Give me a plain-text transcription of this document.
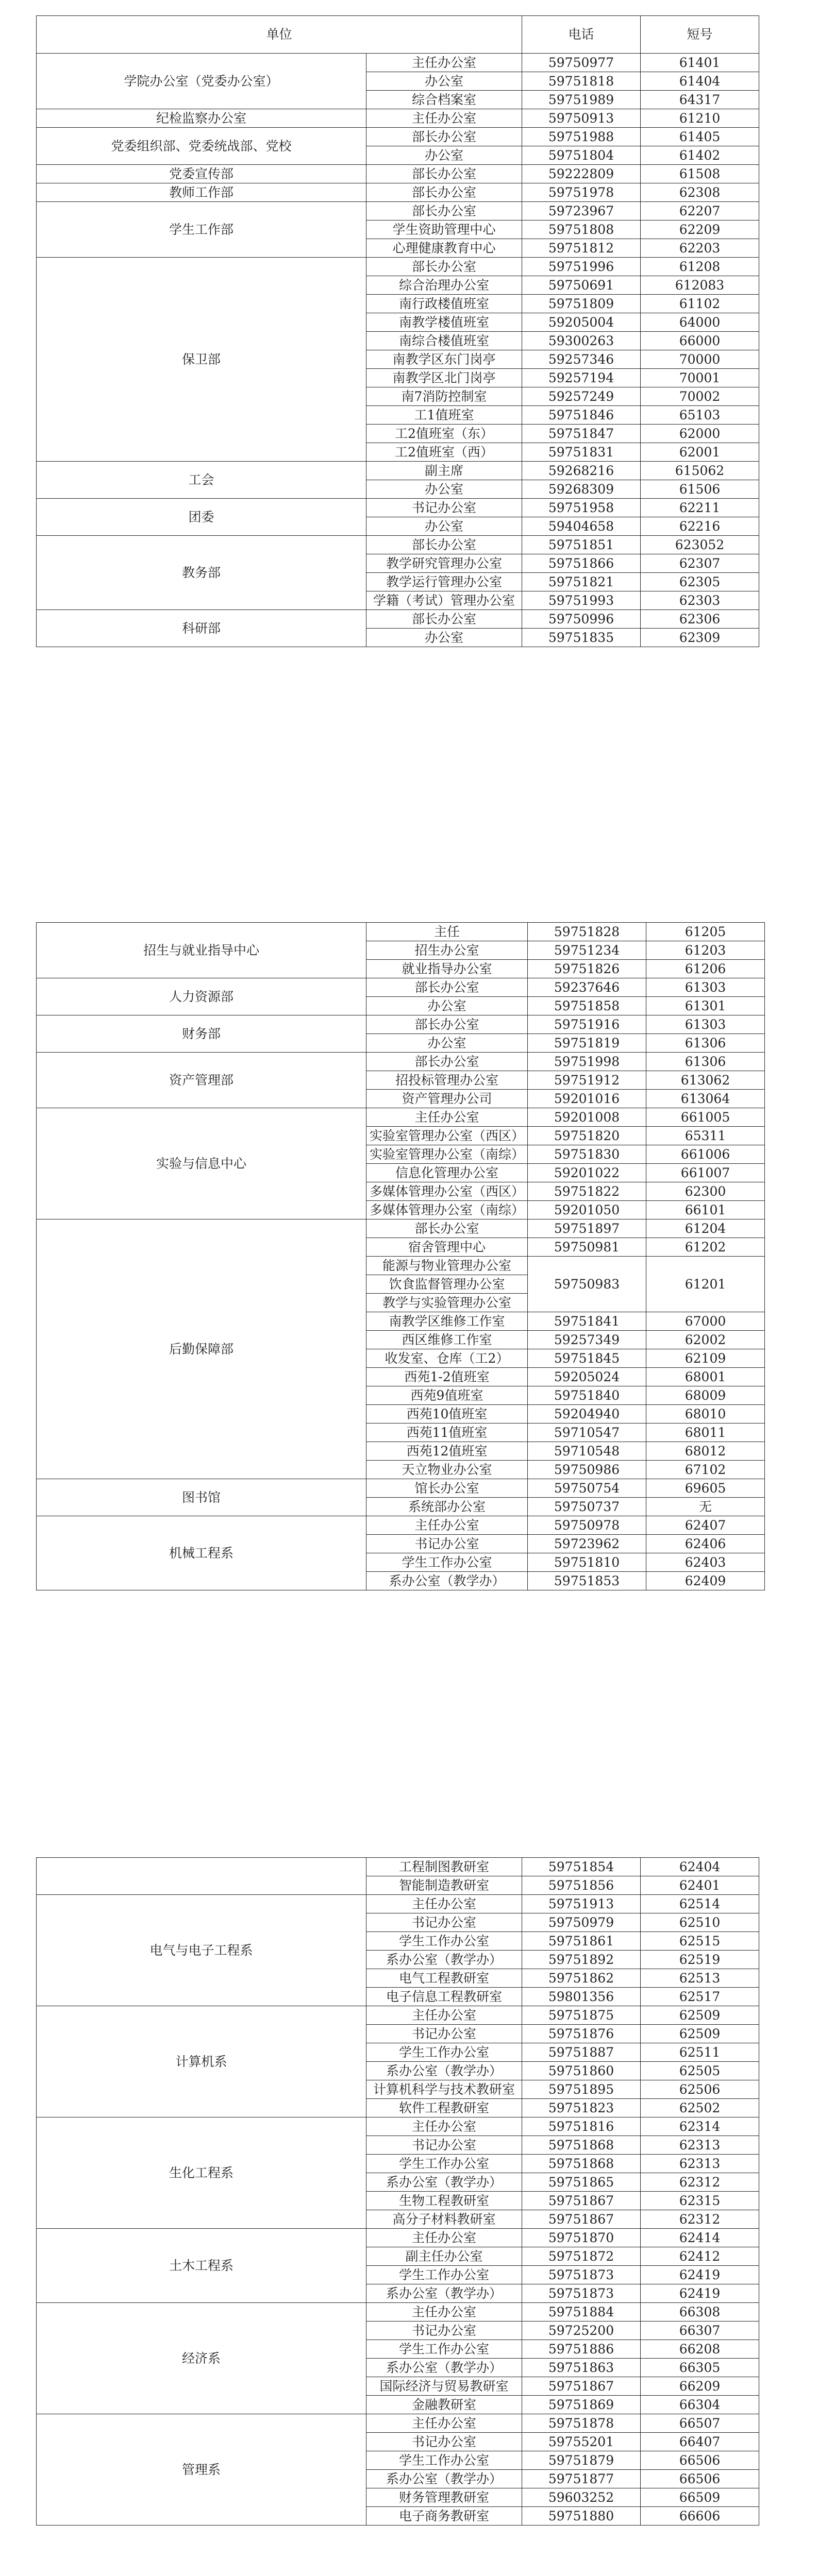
单位		电话	短号
学院办公室（党委办公室）	主任办公室	59750977	61401
	办公室	59751818	61404
	综合档案室	59751989	64317
纪检监察办公室	主任办公室	59750913	61210
党委组织部、党委统战部、党校	部长办公室	59751988	61405
	办公室	59751804	61402
党委宣传部	部长办公室	59222809	61508
教师工作部	部长办公室	59751978	62308
学生工作部	部长办公室	59723967	62207
	学生资助管理中心	59751808	62209
	心理健康教育中心	59751812	62203
保卫部	部长办公室	59751996	61208
	综合治理办公室	59750691	612083
	南行政楼值班室	59751809	61102
	南教学楼值班室	59205004	64000
	南综合楼值班室	59300263	66000
	南教学区东门岗亭	59257346	70000
	南教学区北门岗亭	59257194	70001
	南7消防控制室	59257249	70002
	工1值班室	59751846	65103
	工2值班室（东）	59751847	62000
	工2值班室（西）	59751831	62001
工会	副主席	59268216	615062
	办公室	59268309	61506
团委	书记办公室	59751958	62211
	办公室	59404658	62216
教务部	部长办公室	59751851	623052
	教学研究管理办公室	59751866	62307
	教学运行管理办公室	59751821	62305
	学籍（考试）管理办公室	59751993	62303
科研部	部长办公室	59750996	62306
	办公室	59751835	62309
招生与就业指导中心	主任	59751828	61205
	招生办公室	59751234	61203
	就业指导办公室	59751826	61206
人力资源部	部长办公室	59237646	61303
	办公室	59751858	61301
财务部	部长办公室	59751916	61303
	办公室	59751819	61306
资产管理部	部长办公室	59751998	61306
	招投标管理办公室	59751912	613062
	资产管理办公司	59201016	613064
实验与信息中心	主任办公室	59201008	661005
	实验室管理办公室（西区）	59751820	65311
	实验室管理办公室（南综）	59751830	661006
	信息化管理办公室	59201022	661007
	多媒体管理办公室（西区）	59751822	62300
	多媒体管理办公室（南综）	59201050	66101
后勤保障部	部长办公室	59751897	61204
	宿舍管理中心	59750981	61202
	能源与物业管理办公室	59750983	61201
	饮食监督管理办公室		
	教学与实验管理办公室		
	南教学区维修工作室	59751841	67000
	西区维修工作室	59257349	62002
	收发室、仓库（工2）	59751845	62109
	西苑1-2值班室	59205024	68001
	西苑9值班室	59751840	68009
	西苑10值班室	59204940	68010
	西苑11值班室	59710547	68011
	西苑12值班室	59710548	68012
	天立物业办公室	59750986	67102
图书馆	馆长办公室	59750754	69605
	系统部办公室	59750737	无
机械工程系	主任办公室	59750978	62407
	书记办公室	59723962	62406
	学生工作办公室	59751810	62403
	系办公室（教学办）	59751853	62409
	工程制图教研室	59751854	62404
	智能制造教研室	59751856	62401
电气与电子工程系	主任办公室	59751913	62514
	书记办公室	59750979	62510
	学生工作办公室	59751861	62515
	系办公室（教学办）	59751892	62519
	电气工程教研室	59751862	62513
	电子信息工程教研室	59801356	62517
计算机系	主任办公室	59751875	62509
	书记办公室	59751876	62509
	学生工作办公室	59751887	62511
	系办公室（教学办）	59751860	62505
	计算机科学与技术教研室	59751895	62506
	软件工程教研室	59751823	62502
生化工程系	主任办公室	59751816	62314
	书记办公室	59751868	62313
	学生工作办公室	59751868	62313
	系办公室（教学办）	59751865	62312
	生物工程教研室	59751867	62315
	高分子材料教研室	59751867	62312
土木工程系	主任办公室	59751870	62414
	副主任办公室	59751872	62412
	学生工作办公室	59751873	62419
	系办公室（教学办）	59751873	62419
经济系	主任办公室	59751884	66308
	书记办公室	59725200	66307
	学生工作办公室	59751886	66208
	系办公室（教学办）	59751863	66305
	国际经济与贸易教研室	59751867	66209
	金融教研室	59751869	66304
管理系	主任办公室	59751878	66507
	书记办公室	59755201	66407
	学生工作办公室	59751879	66506
	系办公室（教学办）	59751877	66506
	财务管理教研室	59603252	66509
	电子商务教研室	59751880	66606
